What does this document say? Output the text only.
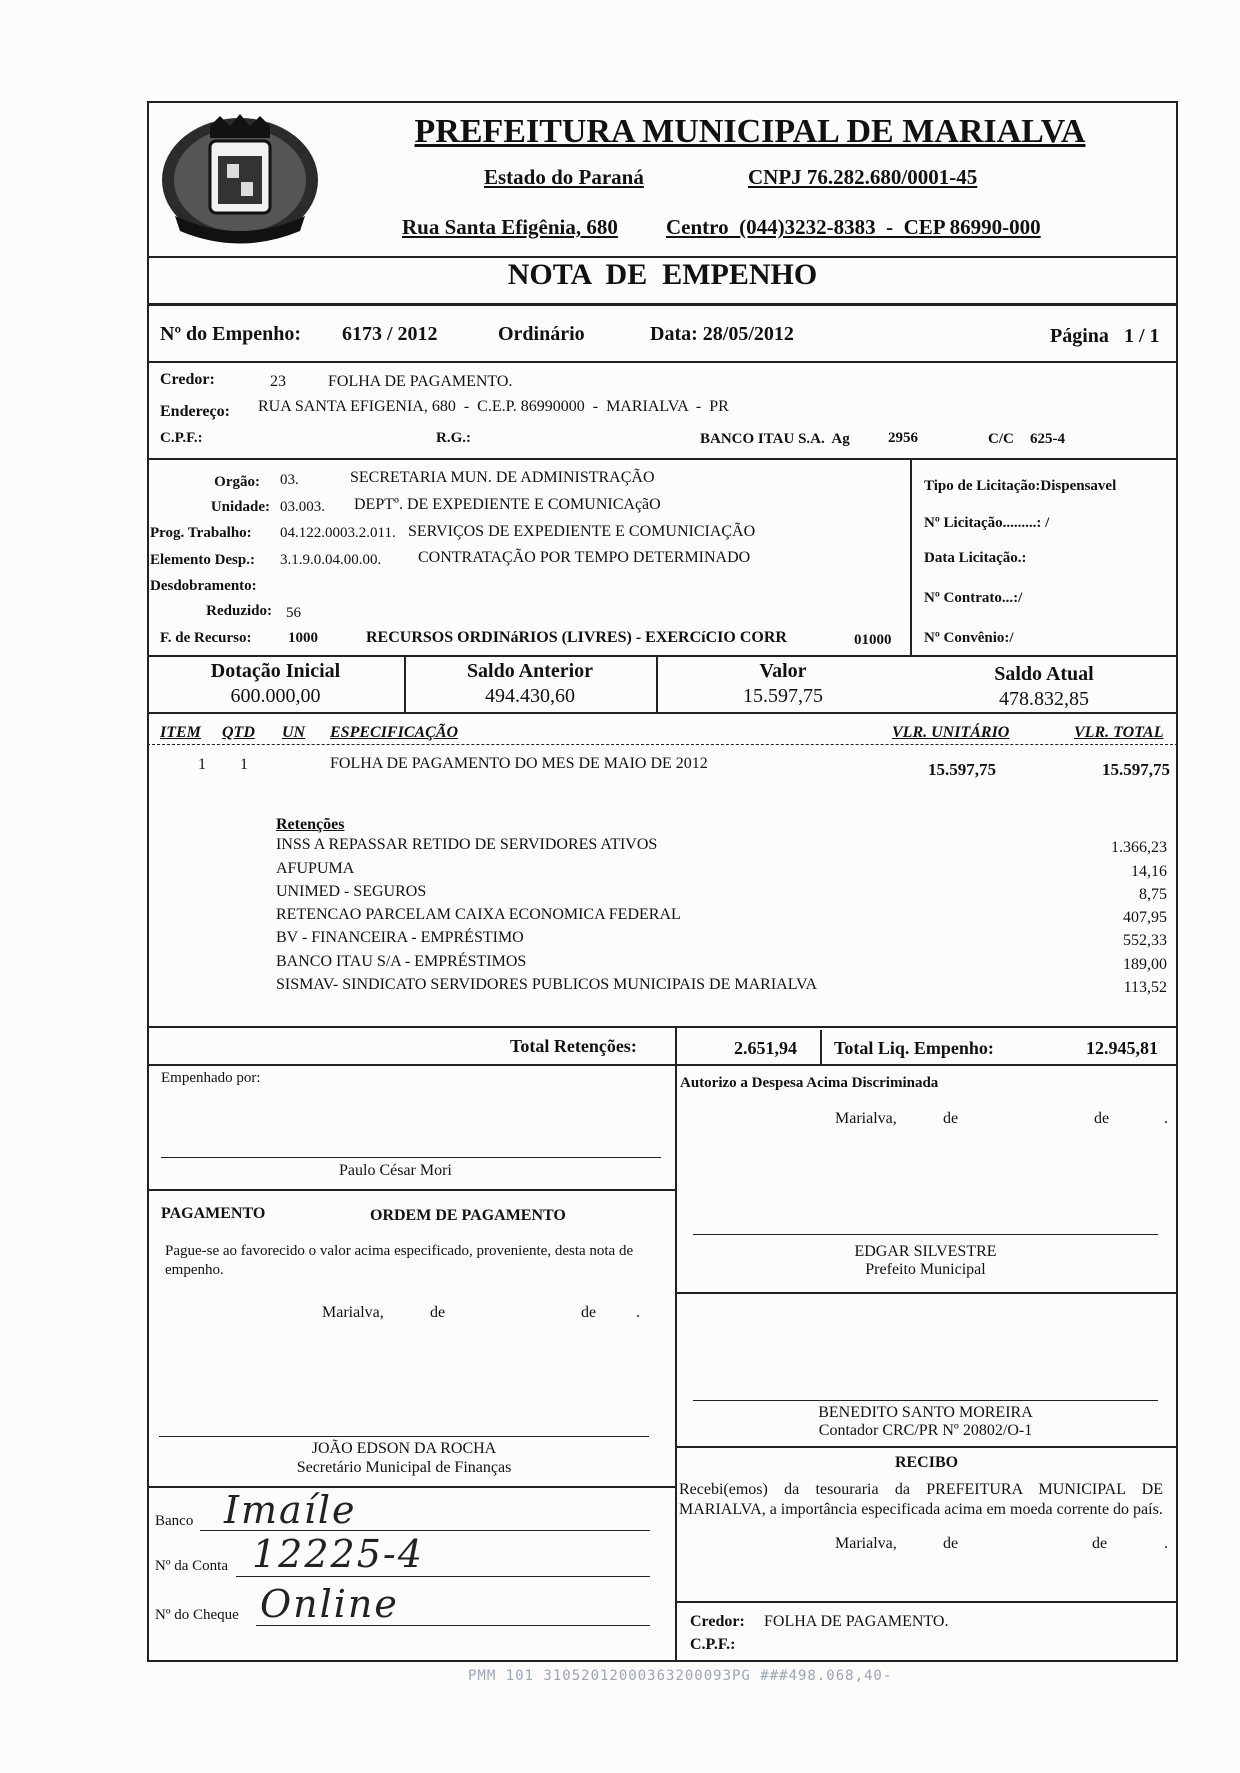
PREFEITURA MUNICIPAL DE MARIALVA
Estado do Paraná	CNPJ 76.282.680/0001-45
Rua Santa Efigênia, 680 Centro  (044)3232-8383  -  CEP 86990-000
NOTA  DE  EMPENHO
Nº do Empenho: 6173 / 2012	Ordinário	Data: 28/05/2012	Página 1 / 1
Credor:	23	FOLHA DE PAGAMENTO.
Endereço: RUA SANTA EFIGENIA, 680  -  C.E.P. 86990000  -  MARIALVA  -  PR
C.P.F.:	R.G.:	BANCO ITAU S.A.  Ag	2956	C/C 625-4
Orgão: 03.	SECRETARIA MUN. DE ADMINISTRAÇÃO
Unidade: 03.003. DEPTº. DE EXPEDIENTE E COMUNICAçãO
Prog. Trabalho: 04.122.0003.2.011. SERVIÇOS DE EXPEDIENTE E COMUNICIAÇÃO
Elemento Desp.: 3.1.9.0.04.00.00. CONTRATAÇÃO POR TEMPO DETERMINADO
Desdobramento:
Reduzido: 56
F. de Recurso: 1000	RECURSOS ORDINáRIOS (LIVRES) - EXERCíCIO CORR	01000
Tipo de Licitação:Dispensavel
Nº Licitação.........: /
Data Licitação.:
Nº Contrato...:/
Nº Convênio:/
Dotação Inicial
600.000,00
Saldo Anterior
494.430,60
Valor
15.597,75
Saldo Atual
478.832,85
ITEM QTD UN ESPECIFICAÇÃO	VLR. UNITÁRIO	VLR. TOTAL
1 1	FOLHA DE PAGAMENTO DO MES DE MAIO DE 2012	15.597,75	15.597,75
Retenções
INSS A REPASSAR RETIDO DE SERVIDORES ATIVOS	1.366,23
AFUPUMA	14,16
UNIMED - SEGUROS	8,75
RETENCAO PARCELAM CAIXA ECONOMICA FEDERAL	407,95
BV - FINANCEIRA - EMPRÉSTIMO	552,33
BANCO ITAU S/A - EMPRÉSTIMOS	189,00
SISMAV- SINDICATO SERVIDORES PUBLICOS MUNICIPAIS DE MARIALVA	113,52
Total Retenções:	2.651,94 Total Liq. Empenho:	12.945,81
Empenhado por:
Paulo César Mori
Autorizo a Despesa Acima Discriminada
Marialva,	de	de	.
EDGAR SILVESTRE
Prefeito Municipal
PAGAMENTO	ORDEM DE PAGAMENTO
Pague-se ao favorecido o valor acima especificado, proveniente, desta nota de empenho.
Marialva,	de	de .
BENEDITO SANTO MOREIRA
Contador CRC/PR Nº 20802/O-1
JOÃO EDSON DA ROCHA
Secretário Municipal de Finanças	RECIBO
Recebi(emos) da tesouraria da PREFEITURA MUNICIPAL DE MARIALVA, a importância especificada acima em moeda corrente do país.
Marialva,	de	de	.
Credor: FOLHA DE PAGAMENTO.
C.P.F.:
Banco Imaíle
Nº da Conta 12225-4
Nº do Cheque Online
PMM 101 31052012000363200093PG ###498.068,40-
